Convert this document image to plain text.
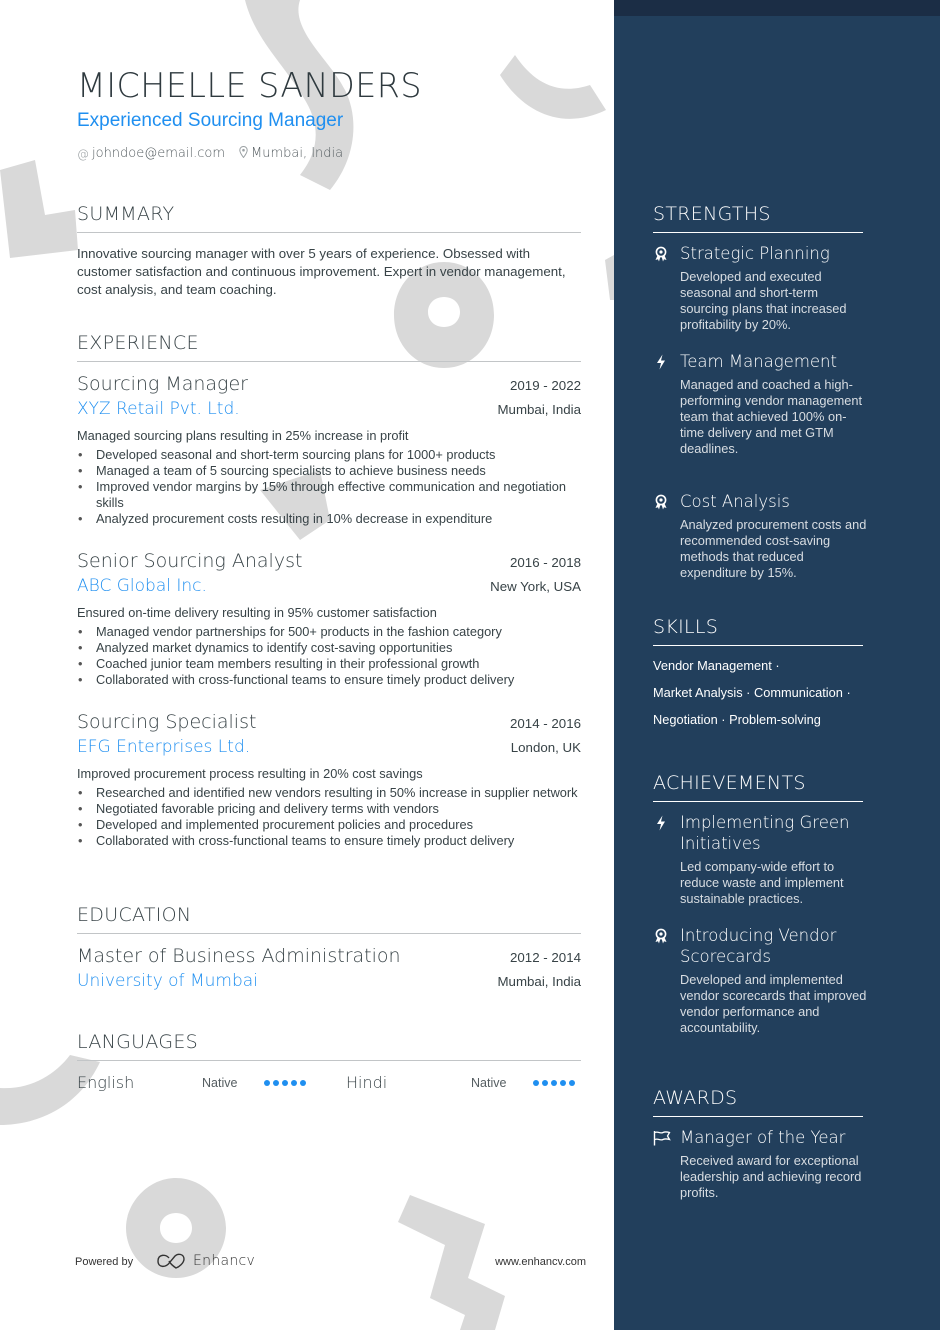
MICHELLE SANDERS
Experienced Sourcing Manager
@ johndoe@email.com Mumbai, India
SUMMARY
Innovative sourcing manager with over 5 years of experience. Obsessed with customer satisfaction and continuous improvement. Expert in vendor management, cost analysis, and team coaching.
EXPERIENCE
Sourcing Manager	2019 - 2022
XYZ Retail Pvt. Ltd.	Mumbai, India
Managed sourcing plans resulting in 25% increase in profit
• Developed seasonal and short-term sourcing plans for 1000+ products
• Managed a team of 5 sourcing specialists to achieve business needs
• Improved vendor margins by 15% through effective communication and negotiation skills
• Analyzed procurement costs resulting in 10% decrease in expenditure
Senior Sourcing Analyst	2016 - 2018
ABC Global Inc.	New York, USA
Ensured on-time delivery resulting in 95% customer satisfaction
• Managed vendor partnerships for 500+ products in the fashion category
• Analyzed market dynamics to identify cost-saving opportunities
• Coached junior team members resulting in their professional growth
• Collaborated with cross-functional teams to ensure timely product delivery
Sourcing Specialist	2014 - 2016
EFG Enterprises Ltd.	London, UK
Improved procurement process resulting in 20% cost savings
• Researched and identified new vendors resulting in 50% increase in supplier network
• Negotiated favorable pricing and delivery terms with vendors
• Developed and implemented procurement policies and procedures
• Collaborated with cross-functional teams to ensure timely product delivery
EDUCATION
Master of Business Administration	2012 - 2014
University of Mumbai	Mumbai, India
LANGUAGES
English	Native	Hindi	Native
Powered by	Enhancv	www.enhancv.com
STRENGTHS
Strategic Planning
Developed and executed seasonal and short-term sourcing plans that increased profitability by 20%.
Team Management
Managed and coached a high-performing vendor management team that achieved 100% on-time delivery and met GTM deadlines.
Cost Analysis
Analyzed procurement costs and recommended cost-saving methods that reduced expenditure by 15%.
SKILLS
Vendor Management ·
Market Analysis · Communication ·
Negotiation · Problem-solving
ACHIEVEMENTS
Implementing Green Initiatives
Led company-wide effort to reduce waste and implement sustainable practices.
Introducing Vendor Scorecards
Developed and implemented vendor scorecards that improved vendor performance and accountability.
AWARDS
Manager of the Year
Received award for exceptional leadership and achieving record profits.
